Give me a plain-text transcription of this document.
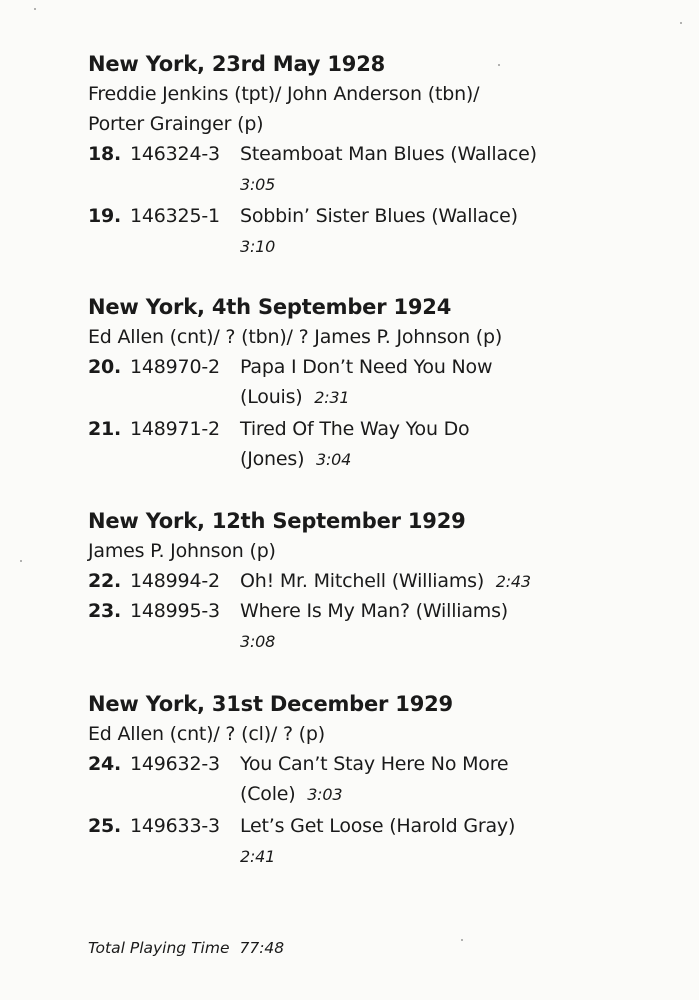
New York, 23rd May 1928
Freddie Jenkins (tpt)/ John Anderson (tbn)/
Porter Grainger (p)
18. 146324-3 Steamboat Man Blues (Wallace)
3:05
19. 146325-1 Sobbin’ Sister Blues (Wallace)
3:10
New York, 4th September 1924
Ed Allen (cnt)/ ? (tbn)/ ? James P. Johnson (p)
20. 148970-2 Papa I Don’t Need You Now
(Louis) 2:31
21. 148971-2 Tired Of The Way You Do
(Jones) 3:04
New York, 12th September 1929
James P. Johnson (p)
22. 148994-2 Oh! Mr. Mitchell (Williams) 2:43
23. 148995-3 Where Is My Man? (Williams)
3:08
New York, 31st December 1929
Ed Allen (cnt)/ ? (cl)/ ? (p)
24. 149632-3 You Can’t Stay Here No More
(Cole) 3:03
25. 149633-3 Let’s Get Loose (Harold Gray)
2:41
Total Playing Time 77:48
